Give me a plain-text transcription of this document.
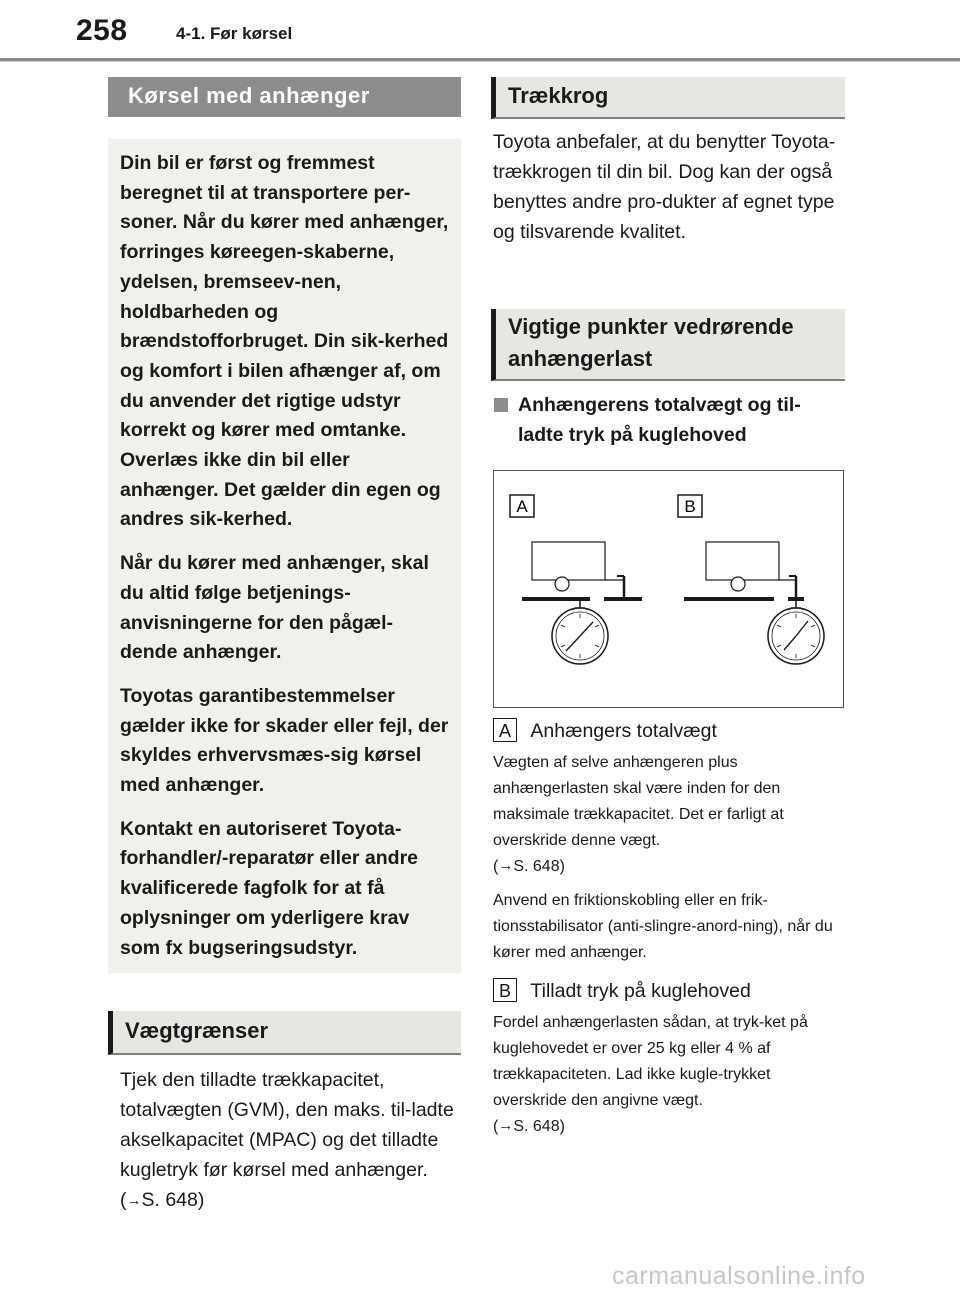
258	4-1. Før kørsel
Kørsel med anhænger

Din bil er først og fremmest beregnet til at transportere per-soner. Når du kører med anhænger, forringes køreegen-skaberne, ydelsen, bremseev-nen, holdbarheden og brændstofforbruget. Din sik-kerhed og komfort i bilen afhænger af, om du anvender det rigtige udstyr korrekt og kører med omtanke. Overlæs ikke din bil eller anhænger. Det gælder din egen og andres sik-kerhed.

Når du kører med anhænger, skal du altid følge betjenings-anvisningerne for den pågæl-dende anhænger.

Toyotas garantibestemmelser gælder ikke for skader eller fejl, der skyldes erhvervsmæs-sig kørsel med anhænger.

Kontakt en autoriseret Toyota-forhandler/-reparatør eller andre kvalificerede fagfolk for at få oplysninger om yderligere krav som fx bugseringsudstyr.

Vægtgrænser
Tjek den tilladte trækkapacitet, totalvægten (GVM), den maks. til-ladte akselkapacitet (MPAC) og det tilladte kugletryk før kørsel med anhænger. (→S. 648)
Trækkrog
Toyota anbefaler, at du benytter Toyota-trækkrogen til din bil. Dog kan der også benyttes andre pro-dukter af egnet type og tilsvarende kvalitet.
Vigtige punkter vedrørende
anhængerlast
Anhængerens totalvægt og til-
ladte tryk på kuglehoved
A	B
A Anhængers totalvægt
Vægten af selve anhængeren plus anhængerlasten skal være inden for den maksimale trækkapacitet. Det er farligt at overskride denne vægt.
(→S. 648)
Anvend en friktionskobling eller en frik-tionsstabilisator (anti-slingre-anord-ning), når du kører med anhænger.
B Tilladt tryk på kuglehoved
Fordel anhængerlasten sådan, at tryk-ket på kuglehovedet er over 25 kg eller 4 % af trækkapaciteten. Lad ikke kugle-trykket overskride den angivne vægt.
(→S. 648)
carmanualsonline.info
